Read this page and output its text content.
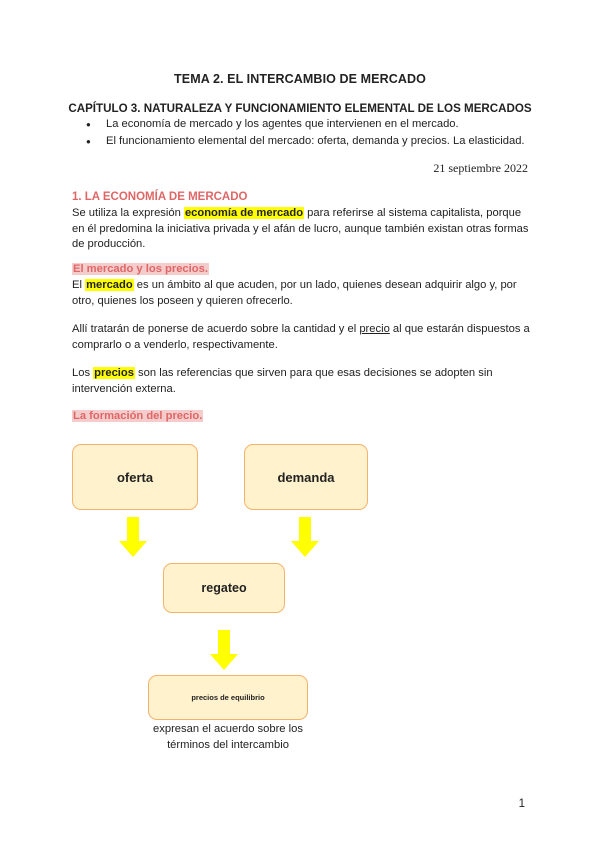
TEMA 2. EL INTERCAMBIO DE MERCADO
CAPÍTULO 3. NATURALEZA Y FUNCIONAMIENTO ELEMENTAL DE LOS MERCADOS
● La economía de mercado y los agentes que intervienen en el mercado.
● El funcionamiento elemental del mercado: oferta, demanda y precios. La elasticidad.
21 septiembre 2022
1. LA ECONOMÍA DE MERCADO

Se utiliza la expresión economía de mercado para referirse al sistema capitalista, porque en él predomina la iniciativa privada y el afán de lucro, aunque también existan otras formas de producción.

El mercado y los precios.

El mercado es un ámbito al que acuden, por un lado, quienes desean adquirir algo y, por otro, quienes los poseen y quieren ofrecerlo.

Allí tratarán de ponerse de acuerdo sobre la cantidad y el precio al que estarán dispuestos a comprarlo o a venderlo, respectivamente.

Los precios son las referencias que sirven para que esas decisiones se adopten sin intervención externa.

La formación del precio.
oferta	demanda
regateo
precios de equilibrio
expresan el acuerdo sobre los términos del intercambio
1
